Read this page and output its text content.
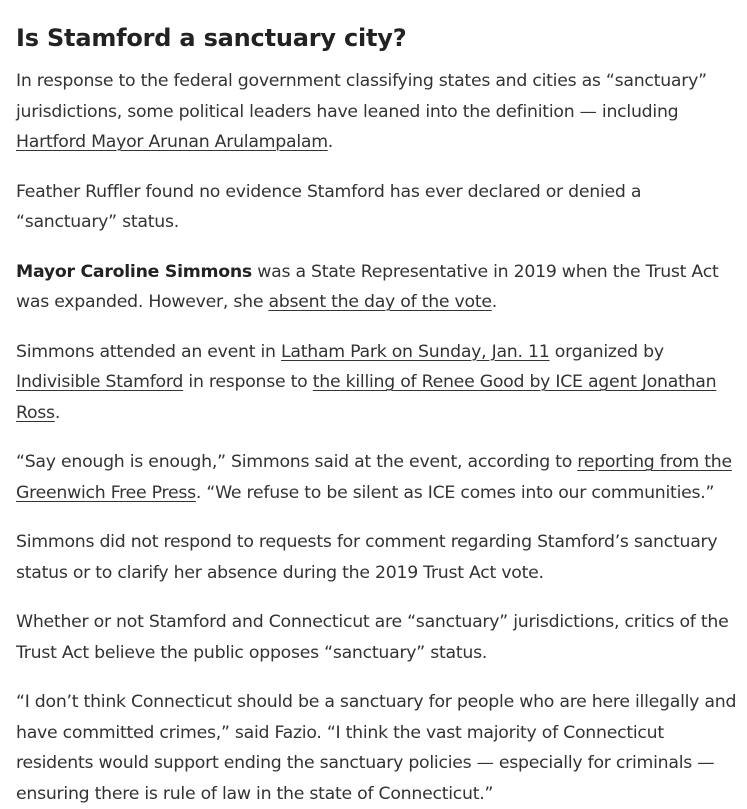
Is Stamford a sanctuary city?

In response to the federal government classifying states and cities as “sanctuary” jurisdictions, some political leaders have leaned into the definition — including Hartford Mayor Arunan Arulampalam.

Feather Ruffler found no evidence Stamford has ever declared or denied a “sanctuary” status.

Mayor Caroline Simmons was a State Representative in 2019 when the Trust Act was expanded. However, she absent the day of the vote.

Simmons attended an event in Latham Park on Sunday, Jan. 11 organized by Indivisible Stamford in response to the killing of Renee Good by ICE agent Jonathan Ross.

“Say enough is enough,” Simmons said at the event, according to reporting from the Greenwich Free Press. “We refuse to be silent as ICE comes into our communities.”

Simmons did not respond to requests for comment regarding Stamford’s sanctuary status or to clarify her absence during the 2019 Trust Act vote.

Whether or not Stamford and Connecticut are “sanctuary” jurisdictions, critics of the Trust Act believe the public opposes “sanctuary” status.

“I don’t think Connecticut should be a sanctuary for people who are here illegally and have committed crimes,” said Fazio. “I think the vast majority of Connecticut residents would support ending the sanctuary policies — especially for criminals — ensuring there is rule of law in the state of Connecticut.”
